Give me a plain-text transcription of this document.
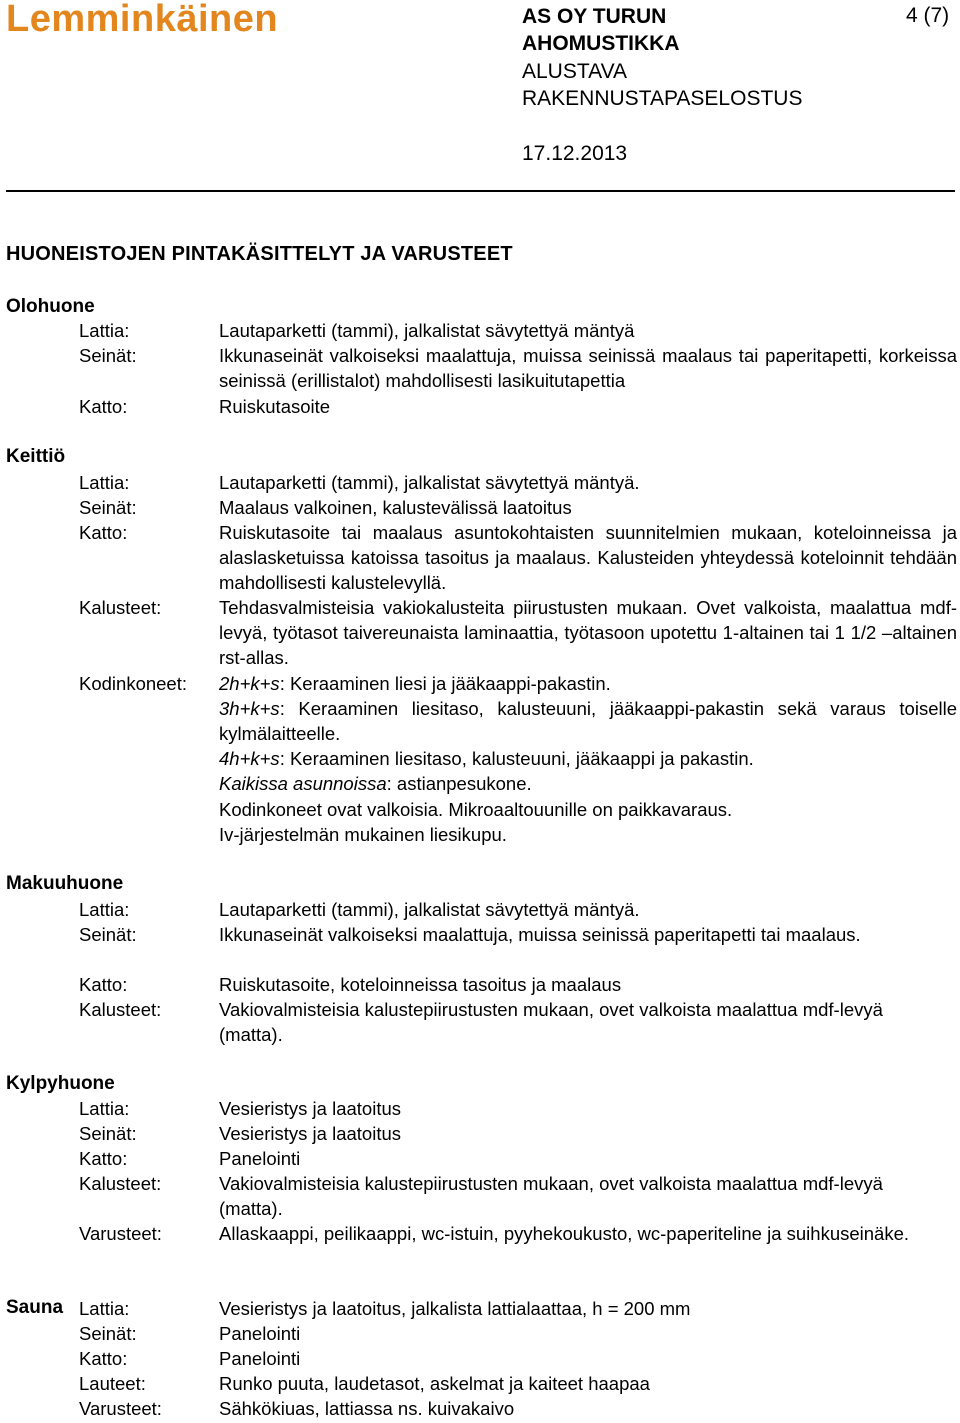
Lemminkäinen	AS OY TURUN
AHOMUSTIKKA
ALUSTAVA
RAKENNUSTAPASELOSTUS
17.12.2013
4 (7)
HUONEISTOJEN PINTAKÄSITTELYT JA VARUSTEET
Olohuone
Lattia:	Lautaparketti (tammi), jalkalistat sävytettyä mäntyä
Seinät:	Ikkunaseinät valkoiseksi maalattuja, muissa seinissä maalaus tai paperitapetti, korkeissa seinissä (erillistalot) mahdollisesti lasikuitutapettia
Katto:	Ruiskutasoite
Keittiö
Lattia:	Lautaparketti (tammi), jalkalistat sävytettyä mäntyä.
Seinät:	Maalaus valkoinen, kalustevälissä laatoitus
Katto:	Ruiskutasoite tai maalaus asuntokohtaisten suunnitelmien mukaan, koteloinneissa ja alaslasketuissa katoissa tasoitus ja maalaus. Kalusteiden yhteydessä koteloinnit tehdään mahdollisesti kalustelevyllä.
Kalusteet:	Tehdasvalmisteisia vakiokalusteita piirustusten mukaan. Ovet valkoista, maalattua mdf-levyä, työtasot taivereunaista laminaattia, työtasoon upotettu 1-altainen tai 1 1/2 –altainen rst-allas.
Kodinkoneet: 2h+k+s: Keraaminen liesi ja jääkaappi-pakastin.
3h+k+s: Keraaminen liesitaso, kalusteuuni, jääkaappi-pakastin sekä varaus toiselle kylmälaitteelle.
4h+k+s: Keraaminen liesitaso, kalusteuuni, jääkaappi ja pakastin.
Kaikissa asunnoissa: astianpesukone.
Kodinkoneet ovat valkoisia. Mikroaaltouunille on paikkavaraus.
Iv-järjestelmän mukainen liesikupu.
Makuuhuone
Lattia:	Lautaparketti (tammi), jalkalistat sävytettyä mäntyä.
Seinät:	Ikkunaseinät valkoiseksi maalattuja, muissa seinissä paperitapetti tai maalaus.
Katto:	Ruiskutasoite, koteloinneissa tasoitus ja maalaus
Kalusteet:	Vakiovalmisteisia kalustepiirustusten mukaan, ovet valkoista maalattua mdf-levyä (matta).
Kylpyhuone
Lattia:	Vesieristys ja laatoitus
Seinät:	Vesieristys ja laatoitus
Katto:	Panelointi
Kalusteet:	Vakiovalmisteisia kalustepiirustusten mukaan, ovet valkoista maalattua mdf-levyä (matta).
Varusteet:	Allaskaappi, peilikaappi, wc-istuin, pyyhekoukusto, wc-paperiteline ja suihkuseinäke.
Sauna Lattia:	Vesieristys ja laatoitus, jalkalista lattialaattaa, h = 200 mm
Seinät:	Panelointi
Katto:	Panelointi
Lauteet:	Runko puuta, laudetasot, askelmat ja kaiteet haapaa
Varusteet:	Sähkökiuas, lattiassa ns. kuivakaivo
